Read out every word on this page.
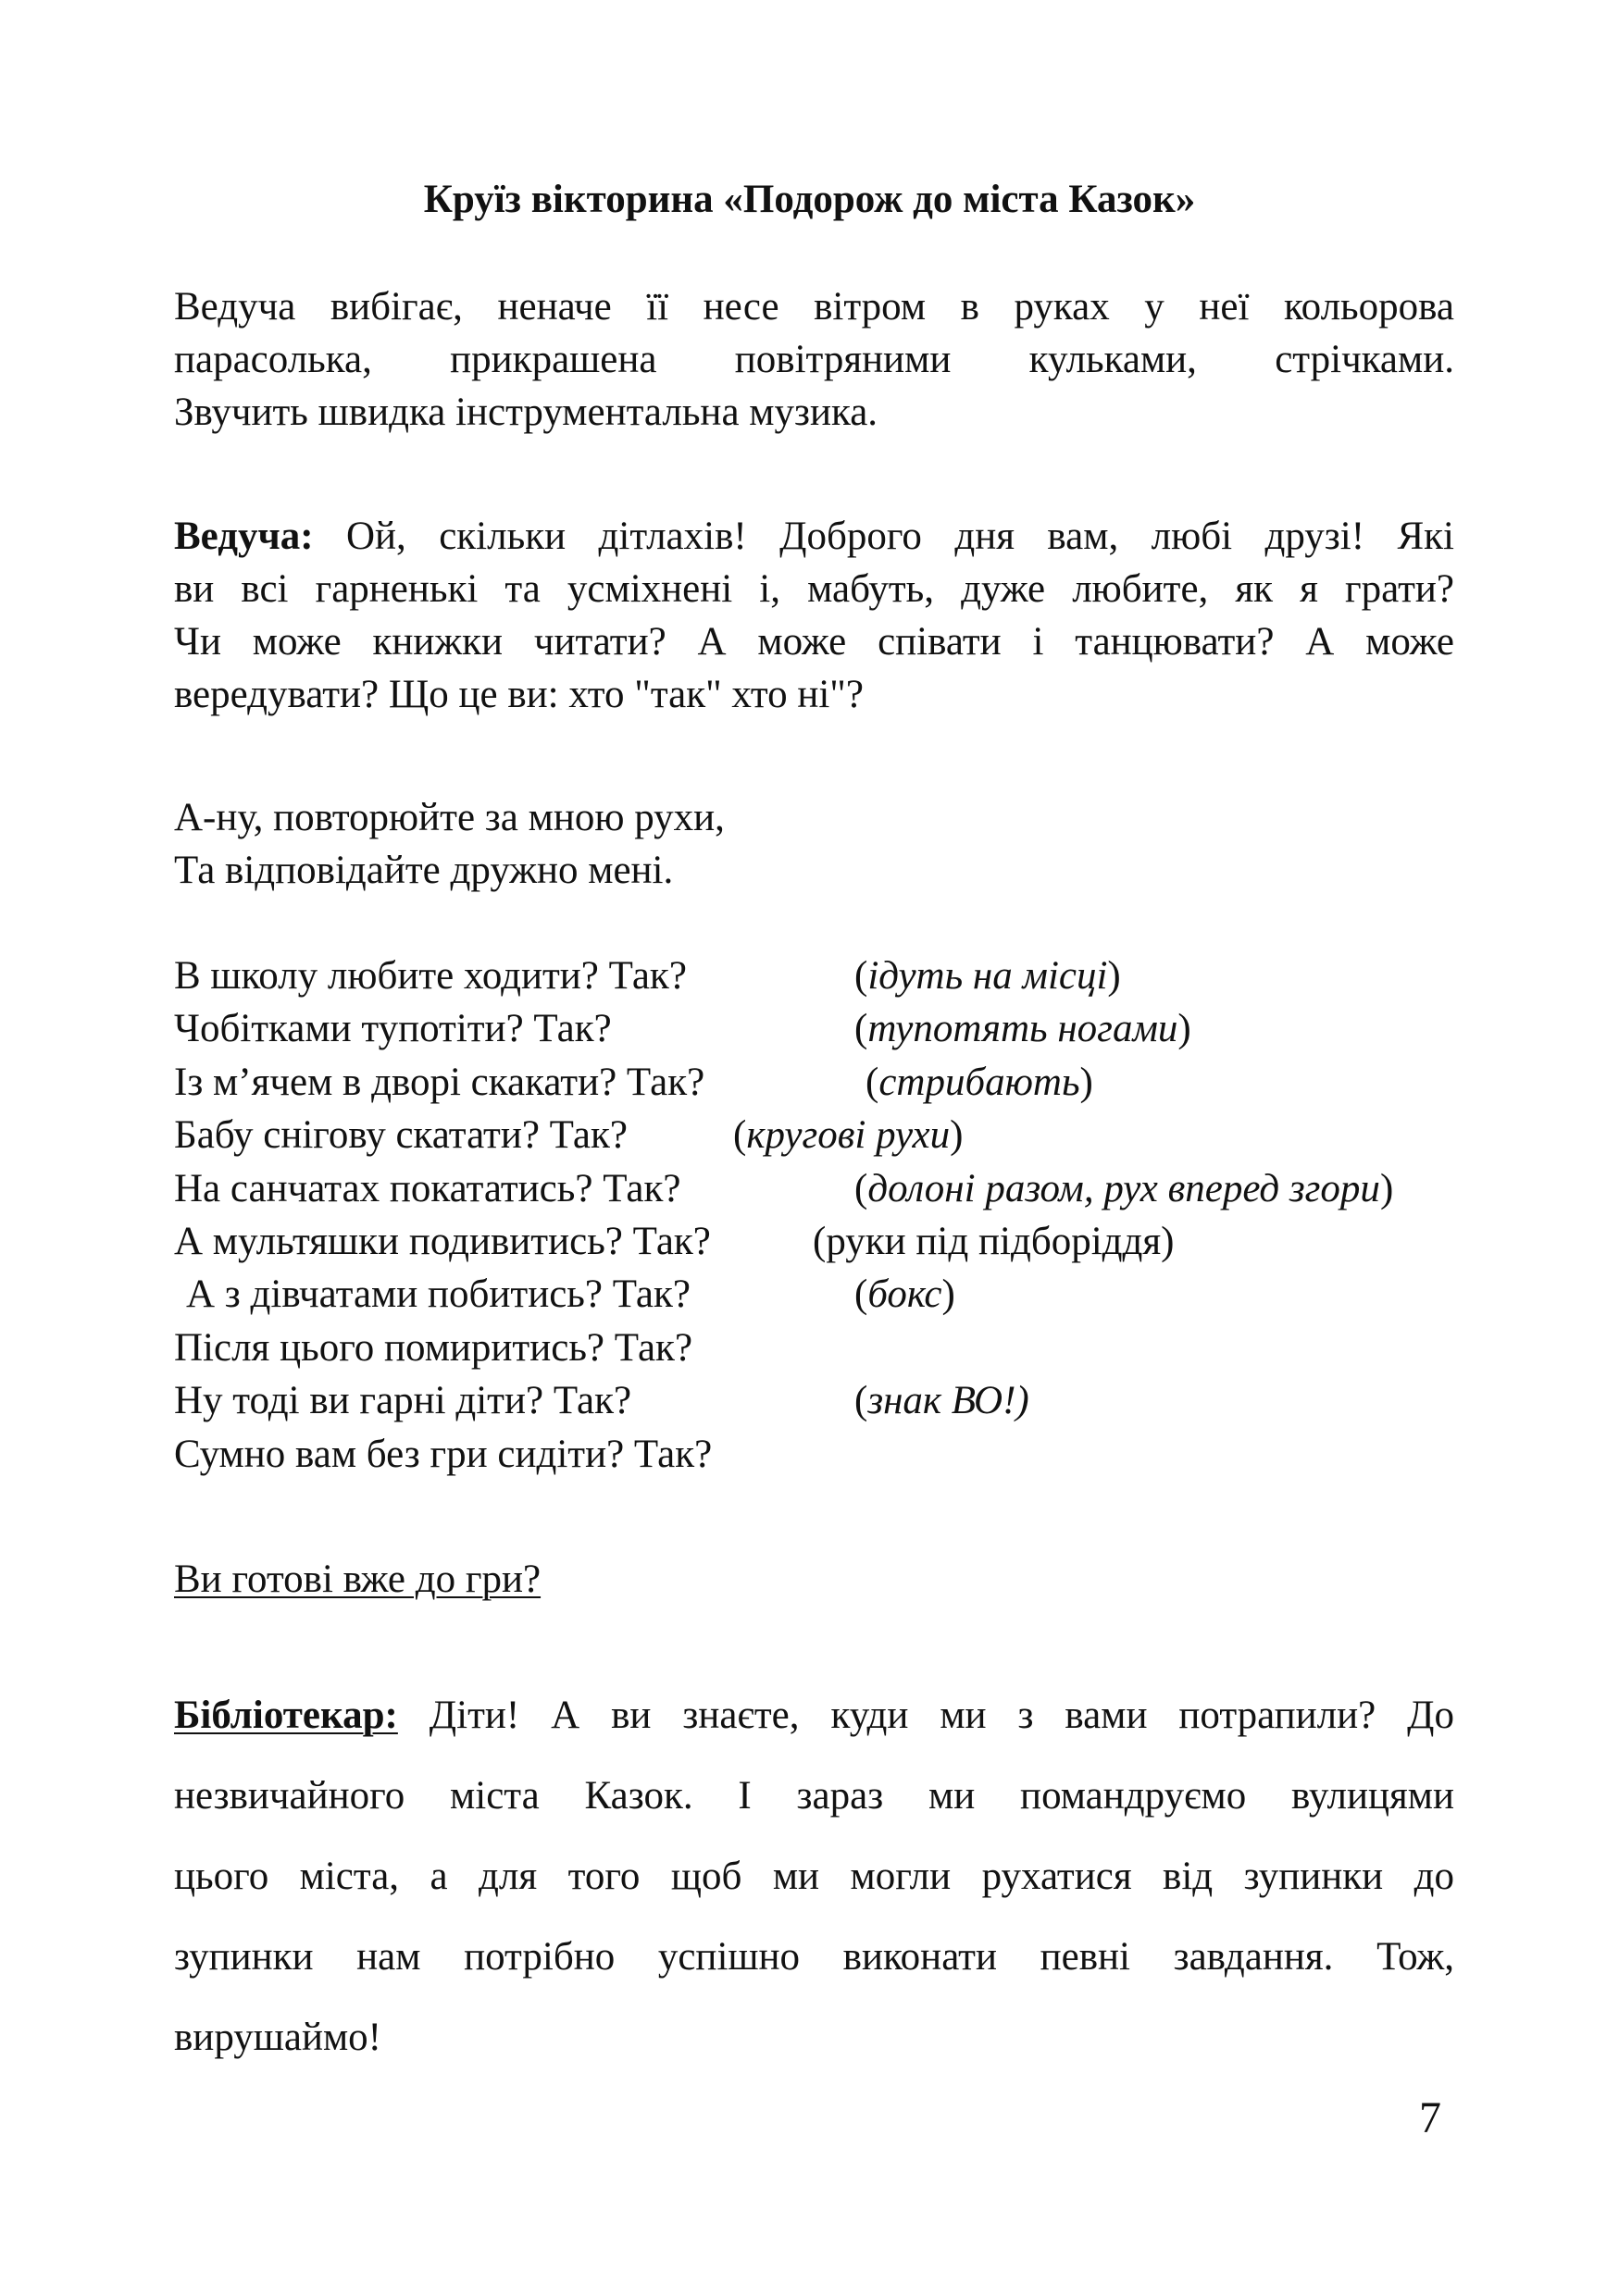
Круїз вікторина «Подорож до міста Казок»
Ведуча вибігає, неначе її несе вітром в руках у неї кольорова
парасолька, прикрашена повітряними кульками, стрічками.
Звучить швидка інструментальна музика.
Ведуча: Ой, скільки дітлахів! Доброго дня вам, любі друзі! Які
ви всі гарненькі та усміхнені і, мабуть, дуже любите, як я грати?
Чи може книжки читати? А може співати і танцювати? А може
вередувати? Що це ви: хто "так" хто ні"?
А-ну, повторюйте за мною рухи,
Та відповідайте дружно мені.
В школу любите ходити? Так?	(ідуть на місці)
Чобітками тупотіти? Так?	(тупотять ногами)
Із м’ячем в дворі скакати? Так?	(стрибають)
Бабу снігову скатати? Так?	(кругові рухи)
На санчатах покататись? Так?	(долоні разом, рух вперед згори)
А мультяшки подивитись? Так?	(руки під підборіддя)
А з дівчатами побитись? Так?	(бокс)
Після цього помиритись? Так?
Ну тоді ви гарні діти? Так?	(знак ВО!)
Сумно вам без гри сидіти? Так?
Ви готові вже до гри?
Бібліотекар: Діти! А ви знаєте, куди ми з вами потрапили? До
незвичайного міста Казок. І зараз ми помандруємо вулицями
цього міста, а для того щоб ми могли рухатися від зупинки до
зупинки нам потрібно успішно виконати певні завдання. Тож,
вирушаймо!
7
